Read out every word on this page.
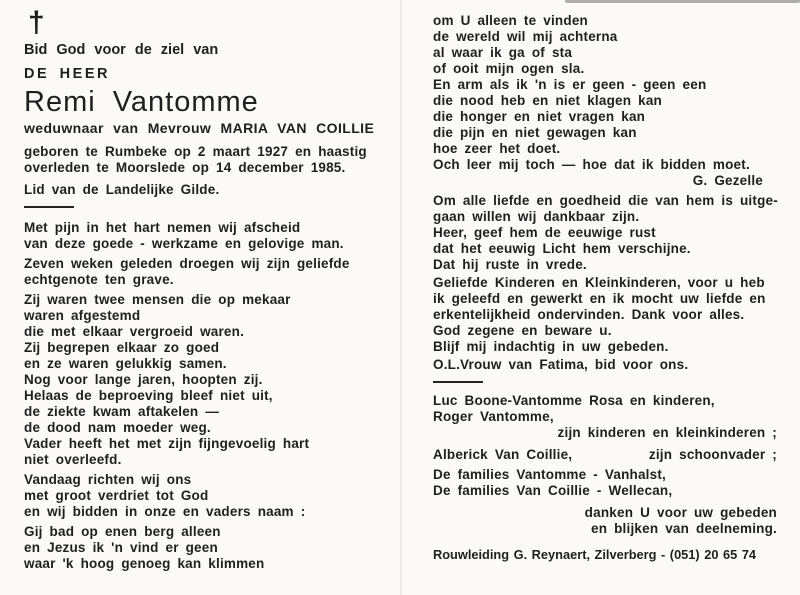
†
Bid God voor de ziel van
DE HEER
Remi Vantomme
weduwnaar van Mevrouw MARIA VAN COILLIE
geboren te Rumbeke op 2 maart 1927 en haastig
overleden te Moorslede op 14 december 1985.
Lid van de Landelijke Gilde.
Met pijn in het hart nemen wij afscheid
van deze goede - werkzame en gelovige man.
Zeven weken geleden droegen wij zijn geliefde
echtgenote ten grave.
Zij waren twee mensen die op mekaar
waren afgestemd
die met elkaar vergroeid waren.
Zij begrepen elkaar zo goed
en ze waren gelukkig samen.
Nog voor lange jaren, hoopten zij.
Helaas de beproeving bleef niet uit,
de ziekte kwam aftakelen —
de dood nam moeder weg.
Vader heeft het met zijn fijngevoelig hart
niet overleefd.
Vandaag richten wij ons
met groot verdriet tot God
en wij bidden in onze en vaders naam :
Gij bad op enen berg alleen
en Jezus ik 'n vind er geen
waar 'k hoog genoeg kan klimmen
om U alleen te vinden
de wereld wil mij achterna
al waar ik ga of sta
of ooit mijn ogen sla.
En arm als ik 'n is er geen - geen een
die nood heb en niet klagen kan
die honger en niet vragen kan
die pijn en niet gewagen kan
hoe zeer het doet.
Och leer mij toch — hoe dat ik bidden moet.
G. Gezelle
Om alle liefde en goedheid die van hem is uitge-
gaan willen wij dankbaar zijn.
Heer, geef hem de eeuwige rust
dat het eeuwig Licht hem verschijne.
Dat hij ruste in vrede.
Geliefde Kinderen en Kleinkinderen, voor u heb
ik geleefd en gewerkt en ik mocht uw liefde en
erkentelijkheid ondervinden. Dank voor alles.
God zegene en beware u.
Blijf mij indachtig in uw gebeden.
O.L.Vrouw van Fatima, bid voor ons.
Luc Boone-Vantomme Rosa en kinderen,
Roger Vantomme,
zijn kinderen en kleinkinderen ;
Alberick Van Coillie,	zijn schoonvader ;
De families Vantomme - Vanhalst,
De families Van Coillie - Wellecan,
danken U voor uw gebeden
en blijken van deelneming.
Rouwleiding G. Reynaert, Zilverberg - (051) 20 65 74
